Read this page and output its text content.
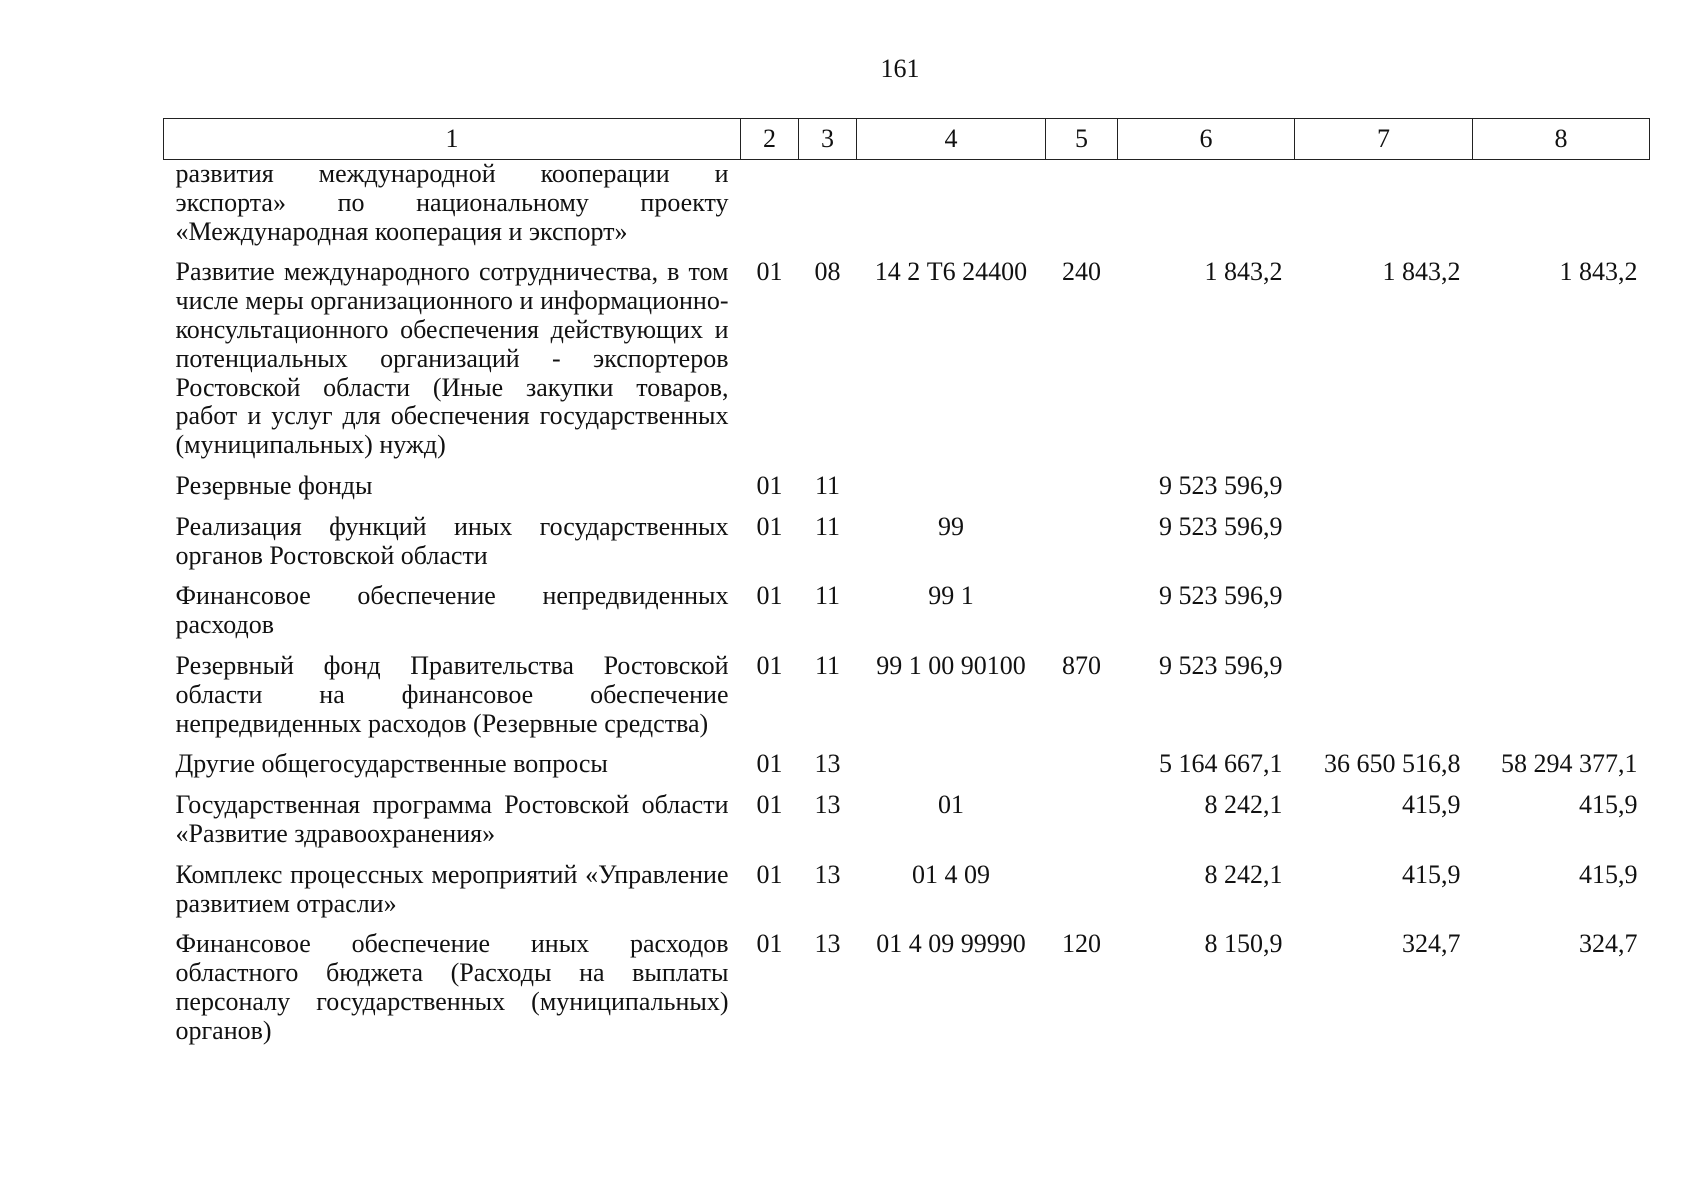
161
1	2	3	4	5	6	7	8
развития международной кооперации и экспорта» по национальному проекту «Международная кооперация и экспорт»							
Развитие международного сотрудничества, в том числе меры организационного и информационно-консультационного обеспечения действующих и потенциальных организаций - экспортеров Ростовской области (Иные закупки товаров, работ и услуг для обеспечения государственных (муниципальных) нужд)	01	08	14 2 Т6 24400	240	1 843,2	1 843,2	1 843,2
Резервные фонды	01	11			9 523 596,9		
Реализация функций иных государственных органов Ростовской области	01	11	99		9 523 596,9		
Финансовое обеспечение непредвиденных расходов	01	11	99 1		9 523 596,9		
Резервный фонд Правительства Ростовской области на финансовое обеспечение непредвиденных расходов (Резервные средства)	01	11	99 1 00 90100	870	9 523 596,9		
Другие общегосударственные вопросы	01	13			5 164 667,1	36 650 516,8	58 294 377,1
Государственная программа Ростовской области «Развитие здравоохранения»	01	13	01		8 242,1	415,9	415,9
Комплекс процессных мероприятий «Управление развитием отрасли»	01	13	01 4 09		8 242,1	415,9	415,9
Финансовое обеспечение иных расходов областного бюджета (Расходы на выплаты персоналу государственных (муниципальных) органов)	01	13	01 4 09 99990	120	8 150,9	324,7	324,7
